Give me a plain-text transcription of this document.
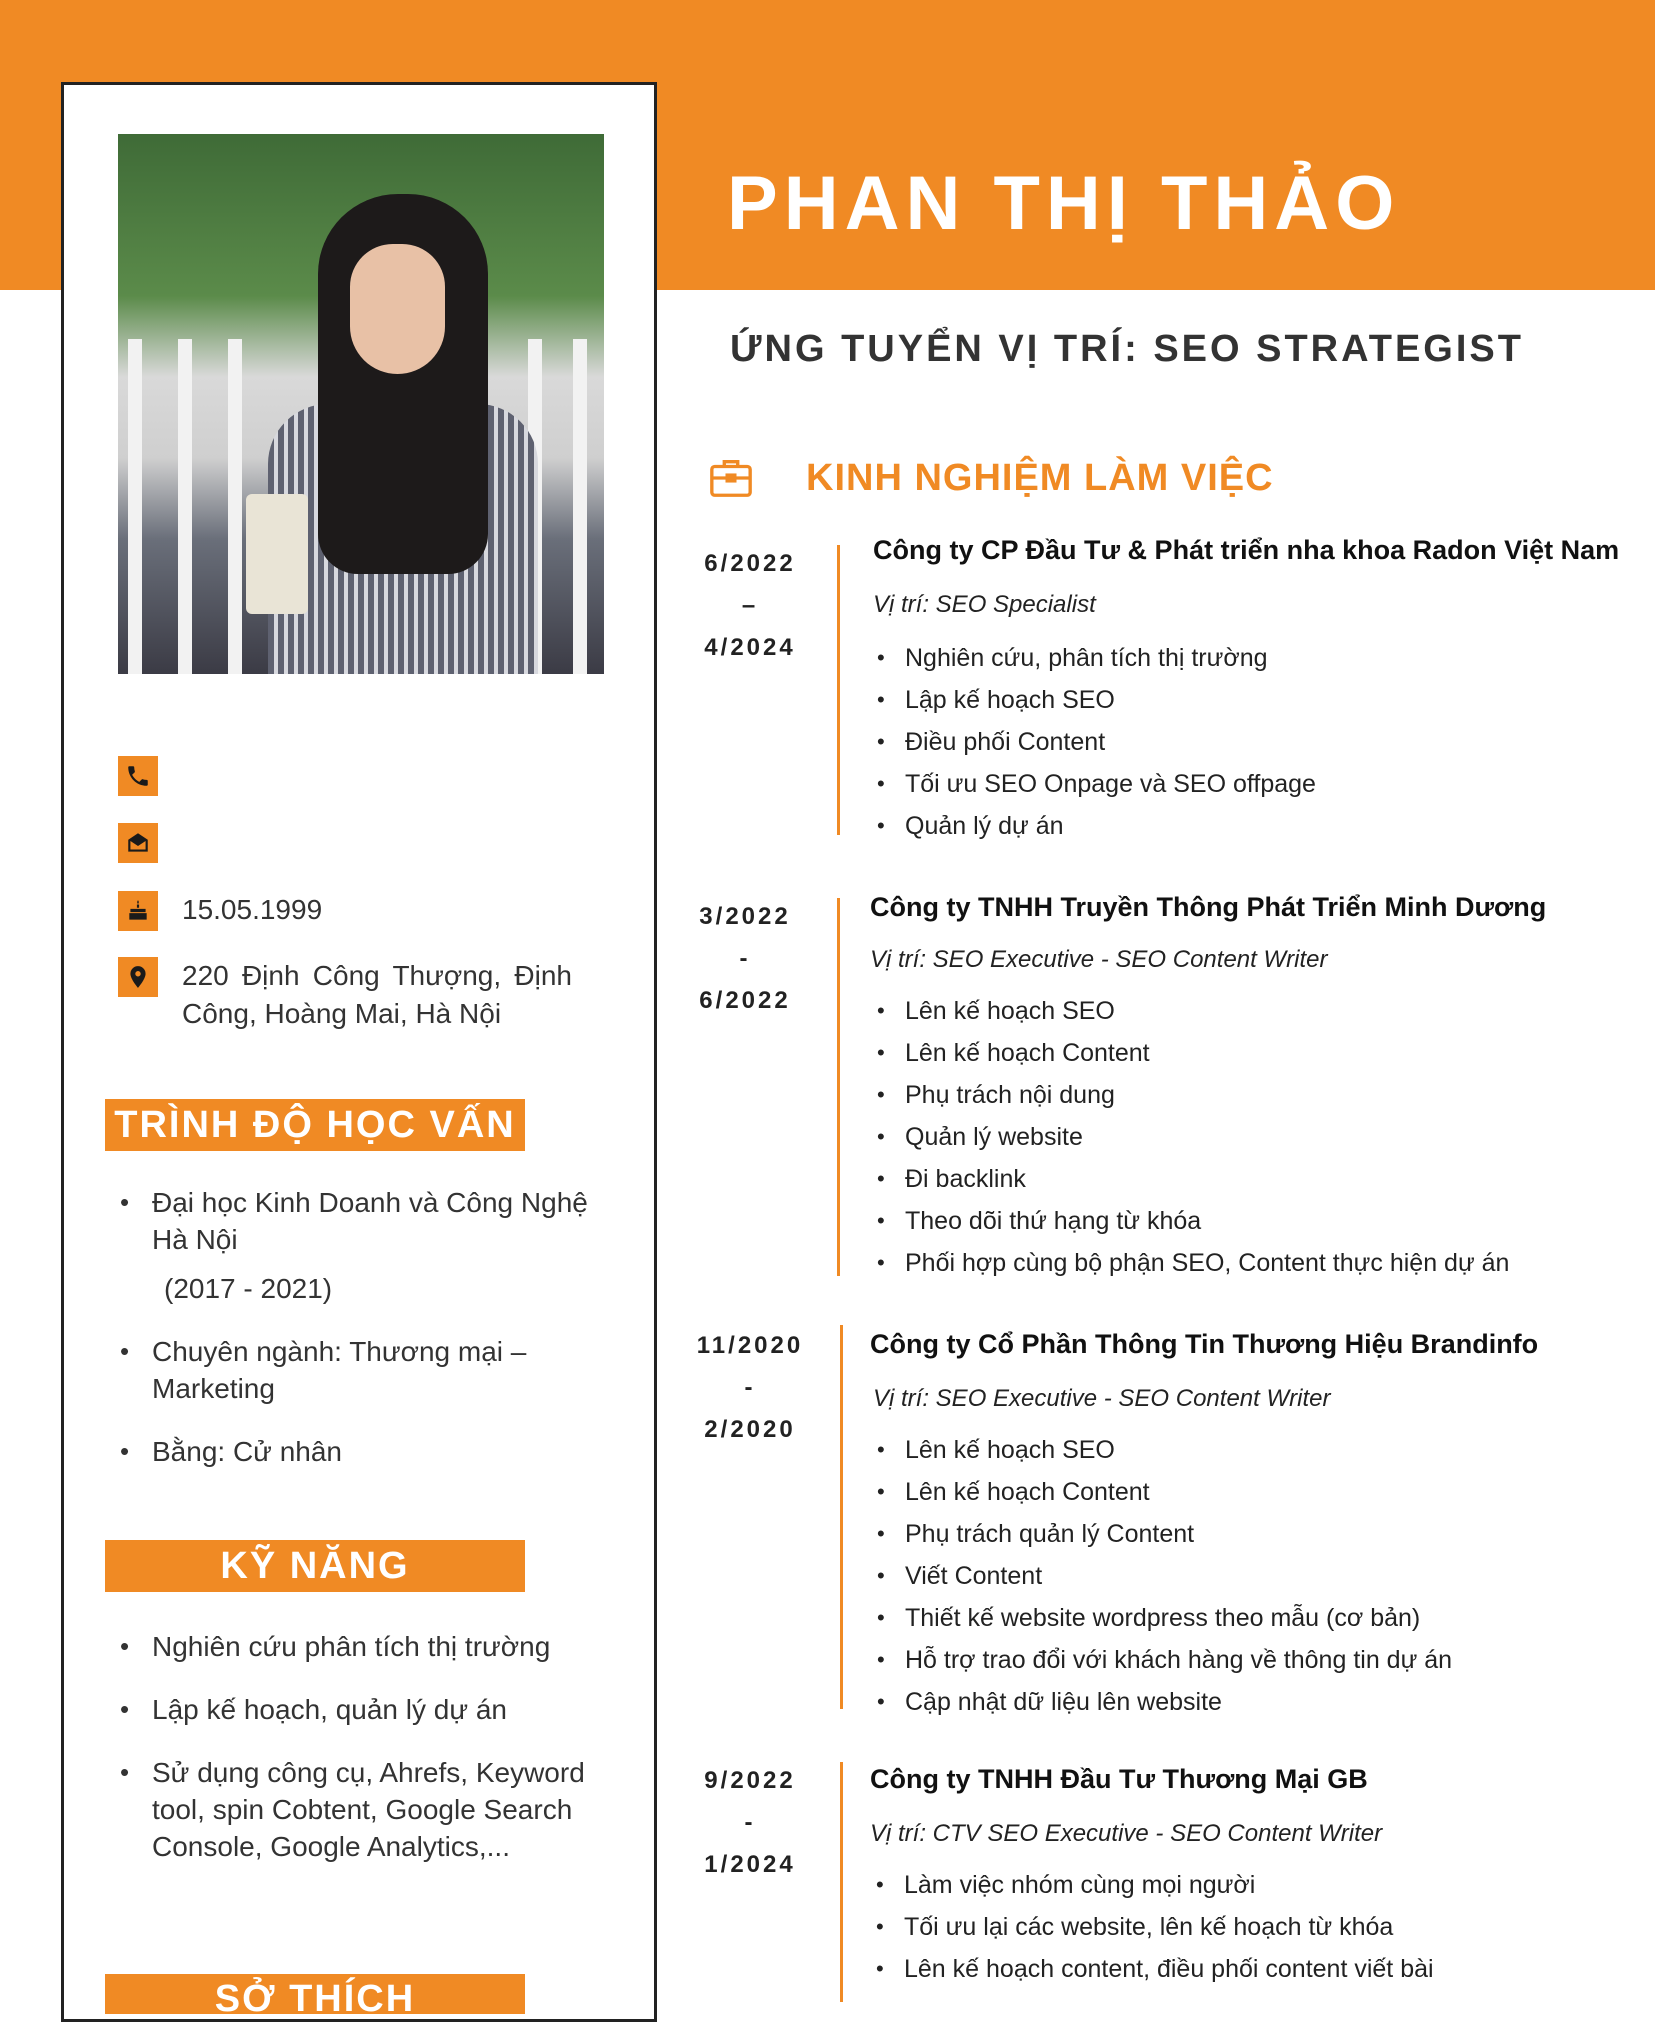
PHAN THỊ THẢO
ỨNG TUYỂN VỊ TRÍ: SEO STRATEGIST
15.05.1999
220 Định Công Thượng, Định Công, Hoàng Mai, Hà Nội
TRÌNH ĐỘ HỌC VẤN
• Đại học Kinh Doanh và Công Nghệ Hà Nội
(2017 - 2021)
• Chuyên ngành: Thương mại – Marketing
• Bằng: Cử nhân
KỸ NĂNG
• Nghiên cứu phân tích thị trường
• Lập kế hoạch, quản lý dự án
• Sử dụng công cụ, Ahrefs, Keyword tool, spin Cobtent, Google Search Console, Google Analytics,...
SỞ THÍCH
KINH NGHIỆM LÀM VIỆC
6/2022
–
4/2024
Công ty CP Đầu Tư & Phát triển nha khoa Radon Việt Nam
Vị trí: SEO Specialist
• Nghiên cứu, phân tích thị trường
• Lập kế hoạch SEO
• Điều phối Content
• Tối ưu SEO Onpage và SEO offpage
• Quản lý dự án
3/2022
-
6/2022
Công ty TNHH Truyền Thông Phát Triển Minh Dương
Vị trí: SEO Executive - SEO Content Writer
• Lên kế hoạch SEO
• Lên kế hoạch Content
• Phụ trách nội dung
• Quản lý website
• Đi backlink
• Theo dõi thứ hạng từ khóa
• Phối hợp cùng bộ phận SEO, Content thực hiện dự án
11/2020
-
2/2020
Công ty Cổ Phần Thông Tin Thương Hiệu Brandinfo
Vị trí: SEO Executive - SEO Content Writer
• Lên kế hoạch SEO
• Lên kế hoạch Content
• Phụ trách quản lý Content
• Viết Content
• Thiết kế website wordpress theo mẫu (cơ bản)
• Hỗ trợ trao đổi với khách hàng về thông tin dự án
• Cập nhật dữ liệu lên website
9/2022
-
1/2024
Công ty TNHH Đầu Tư Thương Mại GB
Vị trí: CTV SEO Executive - SEO Content Writer
• Làm việc nhóm cùng mọi người
• Tối ưu lại các website, lên kế hoạch từ khóa
• Lên kế hoạch content, điều phối content viết bài
